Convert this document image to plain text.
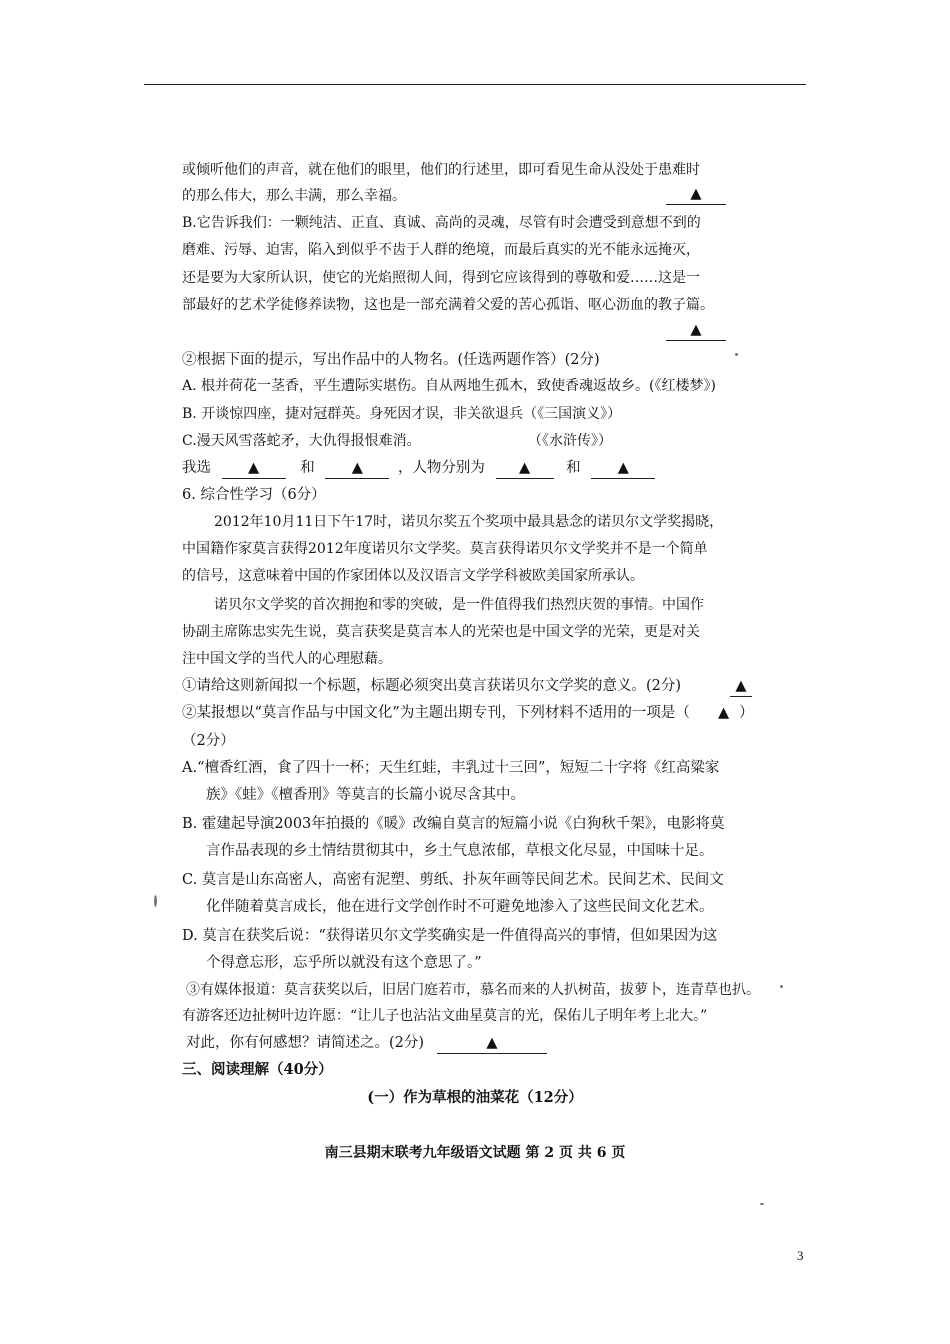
或倾听他们的声音，就在他们的眼里，他们的行述里，即可看见生命从没处于患难时
的那么伟大，那么丰满，那么幸福。	▲
B.它告诉我们：一颗纯洁、正直、真诚、高尚的灵魂，尽管有时会遭受到意想不到的
磨难、污辱、迫害，陷入到似乎不齿于人群的绝境，而最后真实的光不能永远掩灭，
还是要为大家所认识，使它的光焰照彻人间，得到它应该得到的尊敬和爱……这是一
部最好的艺术学徒修养读物，这也是一部充满着父爱的苦心孤诣、呕心沥血的教子篇。
▲
②根据下面的提示，写出作品中的人物名。(任选两题作答）(2分)
A. 根并荷花一茎香，平生遭际实堪伤。自从两地生孤木，致使香魂返故乡。(《红楼梦》)
B. 开谈惊四座，捷对冠群英。身死因才误，非关欲退兵（《三国演义》）
C.漫天风雪落蛇矛，大仇得报恨难消。	（《水浒传》）
我选	▲	和	▲ ，人物分别为 ▲ 和	▲
6. 综合性学习（6分）
2012年10月11日下午17时，诺贝尔奖五个奖项中最具悬念的诺贝尔文学奖揭晓，
中国籍作家莫言获得2012年度诺贝尔文学奖。莫言获得诺贝尔文学奖并不是一个简单
的信号，这意味着中国的作家团体以及汉语言文学学科被欧美国家所承认。
诺贝尔文学奖的首次拥抱和零的突破，是一件值得我们热烈庆贺的事情。中国作
协副主席陈忠实先生说，莫言获奖是莫言本人的光荣也是中国文学的光荣，更是对关
注中国文学的当代人的心理慰藉。
①请给这则新闻拟一个标题，标题必须突出莫言获诺贝尔文学奖的意义。(2分)	▲
②某报想以“莫言作品与中国文化”为主题出期专刊，下列材料不适用的一项是（ ▲ ）
（2分）
A.“檀香红酒，食了四十一杯；天生红蛙，丰乳过十三回”，短短二十字将《红高粱家
族》《蛙》《檀香刑》等莫言的长篇小说尽含其中。
B. 霍建起导演2003年拍摄的《暖》改编自莫言的短篇小说《白狗秋千架》，电影将莫
言作品表现的乡土情结贯彻其中，乡土气息浓郁，草根文化尽显，中国味十足。
C. 莫言是山东高密人，高密有泥塑、剪纸、扑灰年画等民间艺术。民间艺术、民间文
化伴随着莫言成长，他在进行文学创作时不可避免地渗入了这些民间文化艺术。
D. 莫言在获奖后说：“获得诺贝尔文学奖确实是一件值得高兴的事情，但如果因为这
个得意忘形，忘乎所以就没有这个意思了。”
③有媒体报道：莫言获奖以后，旧居门庭若市，慕名而来的人扒树苗，拔萝卜，连青草也扒。
有游客还边扯树叶边许愿：“让儿子也沾沾文曲星莫言的光，保佑儿子明年考上北大。”
对此，你有何感想？请简述之。(2分)	▲
三、阅读理解（40分）
(一）作为草根的油菜花（12分）
南三县期末联考九年级语文试题 第 2 页 共 6 页
3
